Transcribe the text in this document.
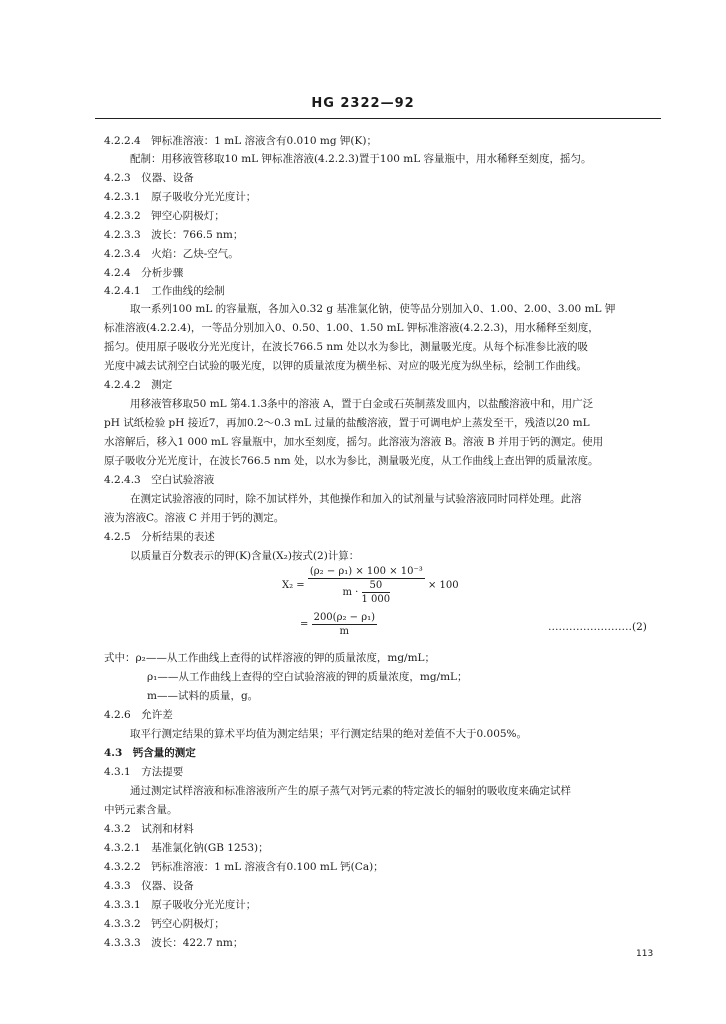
HG 2322—92
4.2.2.4　钾标准溶液：1 mL 溶液含有0.010 mg 钾(K)；
配制：用移液管移取10 mL 钾标准溶液(4.2.2.3)置于100 mL 容量瓶中，用水稀释至刻度，摇匀。
4.2.3　仪器、设备
4.2.3.1　原子吸收分光光度计；
4.2.3.2　钾空心阴极灯；
4.2.3.3　波长：766.5 nm；
4.2.3.4　火焰：乙炔-空气。
4.2.4　分析步骤
4.2.4.1　工作曲线的绘制
取一系列100 mL 的容量瓶，各加入0.32 g 基准氯化钠，使等品分别加入0、1.00、2.00、3.00 mL 钾
标准溶液(4.2.2.4)，一等品分别加入0、0.50、1.00、1.50 mL 钾标准溶液(4.2.2.3)，用水稀释至刻度，
摇匀。使用原子吸收分光光度计，在波长766.5 nm 处以水为参比，测量吸光度。从每个标准参比液的吸
光度中减去试剂空白试验的吸光度，以钾的质量浓度为横坐标、对应的吸光度为纵坐标，绘制工作曲线。
4.2.4.2　测定
用移液管移取50 mL 第4.1.3条中的溶液 A，置于白金或石英制蒸发皿内，以盐酸溶液中和，用广泛
pH 试纸检验 pH 接近7，再加0.2～0.3 mL 过量的盐酸溶液，置于可调电炉上蒸发至干，残渣以20 mL
水溶解后，移入1 000 mL 容量瓶中，加水至刻度，摇匀。此溶液为溶液 B。溶液 B 并用于钙的测定。使用
原子吸收分光光度计，在波长766.5 nm 处，以水为参比，测量吸光度，从工作曲线上查出钾的质量浓度。
4.2.4.3　空白试验溶液
在测定试验溶液的同时，除不加试样外，其他操作和加入的试剂量与试验溶液同时同样处理。此溶
液为溶液C。溶液 C 并用于钙的测定。
4.2.5　分析结果的表述
以质量百分数表示的钾(K)含量(X₂)按式(2)计算：
$X_2 = \frac{\text{(ρ₂ − ρ₁) × 100 × 10⁻³}}{m \cdot \frac{50}{1 000}} \times 100$
= $\frac{\text{200(ρ₂ − ρ₁)}}{m}$	……………………(2)
式中：ρ₂——从工作曲线上查得的试样溶液的钾的质量浓度，mg/mL；
ρ₁——从工作曲线上查得的空白试验溶液的钾的质量浓度，mg/mL；
m——试料的质量，g。
4.2.6　允许差
取平行测定结果的算术平均值为测定结果；平行测定结果的绝对差值不大于0.005%。
4.3　钙含量的测定
4.3.1　方法提要
通过测定试样溶液和标准溶液所产生的原子蒸气对钙元素的特定波长的辐射的吸收度来确定试样
中钙元素含量。
4.3.2　试剂和材料
4.3.2.1　基准氯化钠(GB 1253)；
4.3.2.2　钙标准溶液：1 mL 溶液含有0.100 mL 钙(Ca)；
4.3.3　仪器、设备
4.3.3.1　原子吸收分光光度计；
4.3.3.2　钙空心阴极灯；
4.3.3.3　波长：422.7 nm；
113
